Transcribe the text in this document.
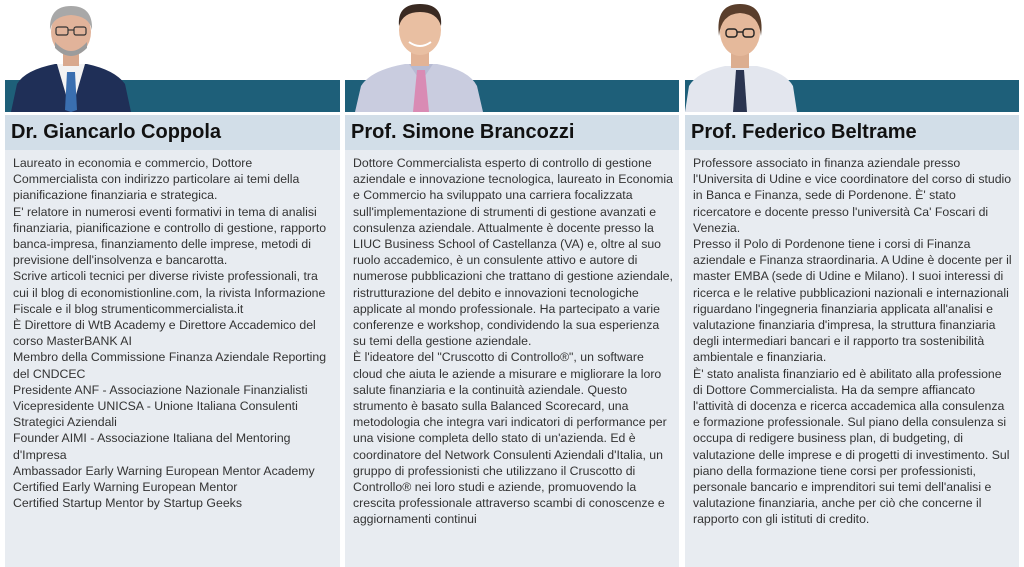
Dr. Giancarlo Coppola

Laureato in economia e commercio, Dottore Commercialista con indirizzo particolare ai temi della pianificazione finanziaria e strategica.

E' relatore in numerosi eventi formativi in tema di analisi finanziaria, pianificazione e controllo di gestione, rapporto banca-impresa, finanziamento delle imprese, metodi di previsione dell'insolvenza e bancarotta.

Scrive articoli tecnici per diverse riviste professionali, tra cui il blog di economistionline.com, la rivista Informazione Fiscale e il blog strumenticommercialista.it

È Direttore di WtB Academy e Direttore Accademico del corso MasterBANK AI

Membro della Commissione Finanza Aziendale Reporting del CNDCEC

Presidente ANF - Associazione Nazionale Finanzialisti

Vicepresidente UNICSA - Unione Italiana Consulenti Strategici Aziendali

Founder AIMI - Associazione Italiana del Mentoring d'Impresa

Ambassador Early Warning European Mentor Academy

Certified Early Warning European Mentor

Certified Startup Mentor by Startup Geeks

Prof. Simone Brancozzi

Dottore Commercialista esperto di controllo di gestione aziendale e innovazione tecnologica, laureato in Economia e Commercio ha sviluppato una carriera focalizzata sull'implementazione di strumenti di gestione avanzati e consulenza aziendale. Attualmente è docente presso la LIUC Business School of Castellanza (VA) e, oltre al suo ruolo accademico, è un consulente attivo e autore di numerose pubblicazioni che trattano di gestione aziendale, ristrutturazione del debito e innovazioni tecnologiche applicate al mondo professionale. Ha partecipato a varie conferenze e workshop, condividendo la sua esperienza su temi della gestione aziendale.

È l'ideatore del "Cruscotto di Controllo®", un software cloud che aiuta le aziende a misurare e migliorare la loro salute finanziaria e la continuità aziendale. Questo strumento è basato sulla Balanced Scorecard, una metodologia che integra vari indicatori di performance per una visione completa dello stato di un'azienda. Ed è coordinatore del Network Consulenti Aziendali d'Italia, un gruppo di professionisti che utilizzano il Cruscotto di Controllo® nei loro studi e aziende, promuovendo la crescita professionale attraverso scambi di conoscenze e aggiornamenti continui

Prof. Federico Beltrame

Professore associato in finanza aziendale presso l'Universita di Udine e vice coordinatore del corso di studio in Banca e Finanza, sede di Pordenone. È' stato ricercatore e docente presso l'università Ca' Foscari di Venezia.

Presso il Polo di Pordenone tiene i corsi di Finanza aziendale e Finanza straordinaria. A Udine è docente per il master EMBA (sede di Udine e Milano). I suoi interessi di ricerca e le relative pubblicazioni nazionali e internazionali riguardano l'ingegneria finanziaria applicata all'analisi e valutazione finanziaria d'impresa, la struttura finanziaria degli intermediari bancari e il rapporto tra sostenibilità ambientale e finanziaria.

È' stato analista finanziario ed è abilitato alla professione di Dottore Commercialista. Ha da sempre affiancato l'attività di docenza e ricerca accademica alla consulenza e formazione professionale. Sul piano della consulenza si occupa di redigere business plan, di budgeting, di valutazione delle imprese e di progetti di investimento. Sul piano della formazione tiene corsi per professionisti, personale bancario e imprenditori sui temi dell'analisi e valutazione finanziaria, anche per ciò che concerne il rapporto con gli istituti di credito.
